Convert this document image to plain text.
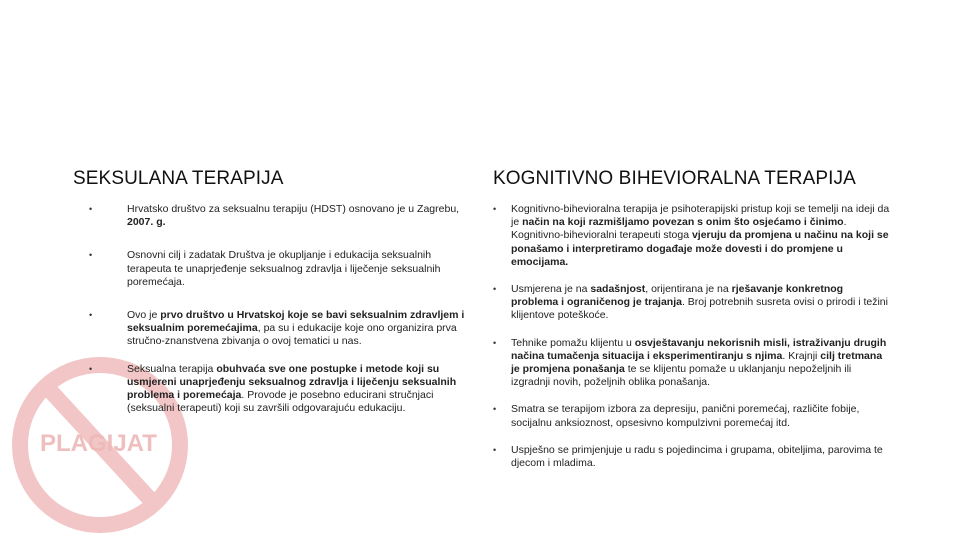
PLAGIJAT
SEKSULANA TERAPIJA
• Hrvatsko društvo za seksualnu terapiju (HDST) osnovano je u Zagrebu, 2007. g.
• Osnovni cilj i zadatak Društva je okupljanje i edukacija seksualnih terapeuta te unaprjeđenje seksualnog zdravlja i liječenje seksualnih poremećaja.
• Ovo je prvo društvo u Hrvatskoj koje se bavi seksualnim zdravljem i seksualnim poremećajima, pa su i edukacije koje ono organizira prva stručno-znanstvena zbivanja o ovoj tematici u nas.
• Seksualna terapija obuhvaća sve one postupke i metode koji su usmjereni unaprjeđenju seksualnog zdravlja i liječenju seksualnih problema i poremećaja. Provode je posebno educirani stručnjaci (seksualni terapeuti) koji su završili odgovarajuću edukaciju.
KOGNITIVNO BIHEVIORALNA TERAPIJA
• Kognitivno-bihevioralna terapija je psihoterapijski pristup koji se temelji na ideji da je način na koji razmišljamo povezan s onim što osjećamo i činimo. Kognitivno-bihevioralni terapeuti stoga vjeruju da promjena u načinu na koji se ponašamo i interpretiramo događaje može dovesti i do promjene u emocijama.
• Usmjerena je na sadašnjost, orijentirana je na rješavanje konkretnog problema i ograničenog je trajanja. Broj potrebnih susreta ovisi o prirodi i težini klijentove poteškoće.
• Tehnike pomažu klijentu u osvještavanju nekorisnih misli, istraživanju drugih načina tumačenja situacija i eksperimentiranju s njima. Krajnji cilj tretmana je promjena ponašanja te se klijentu pomaže u uklanjanju nepoželjnih ili izgradnji novih, poželjnih oblika ponašanja.
• Smatra se terapijom izbora za depresiju, panični poremećaj, različite fobije, socijalnu anksioznost, opsesivno kompulzivni poremećaj itd.
• Uspješno se primjenjuje u radu s pojedincima i grupama, obiteljima, parovima te djecom i mladima.
